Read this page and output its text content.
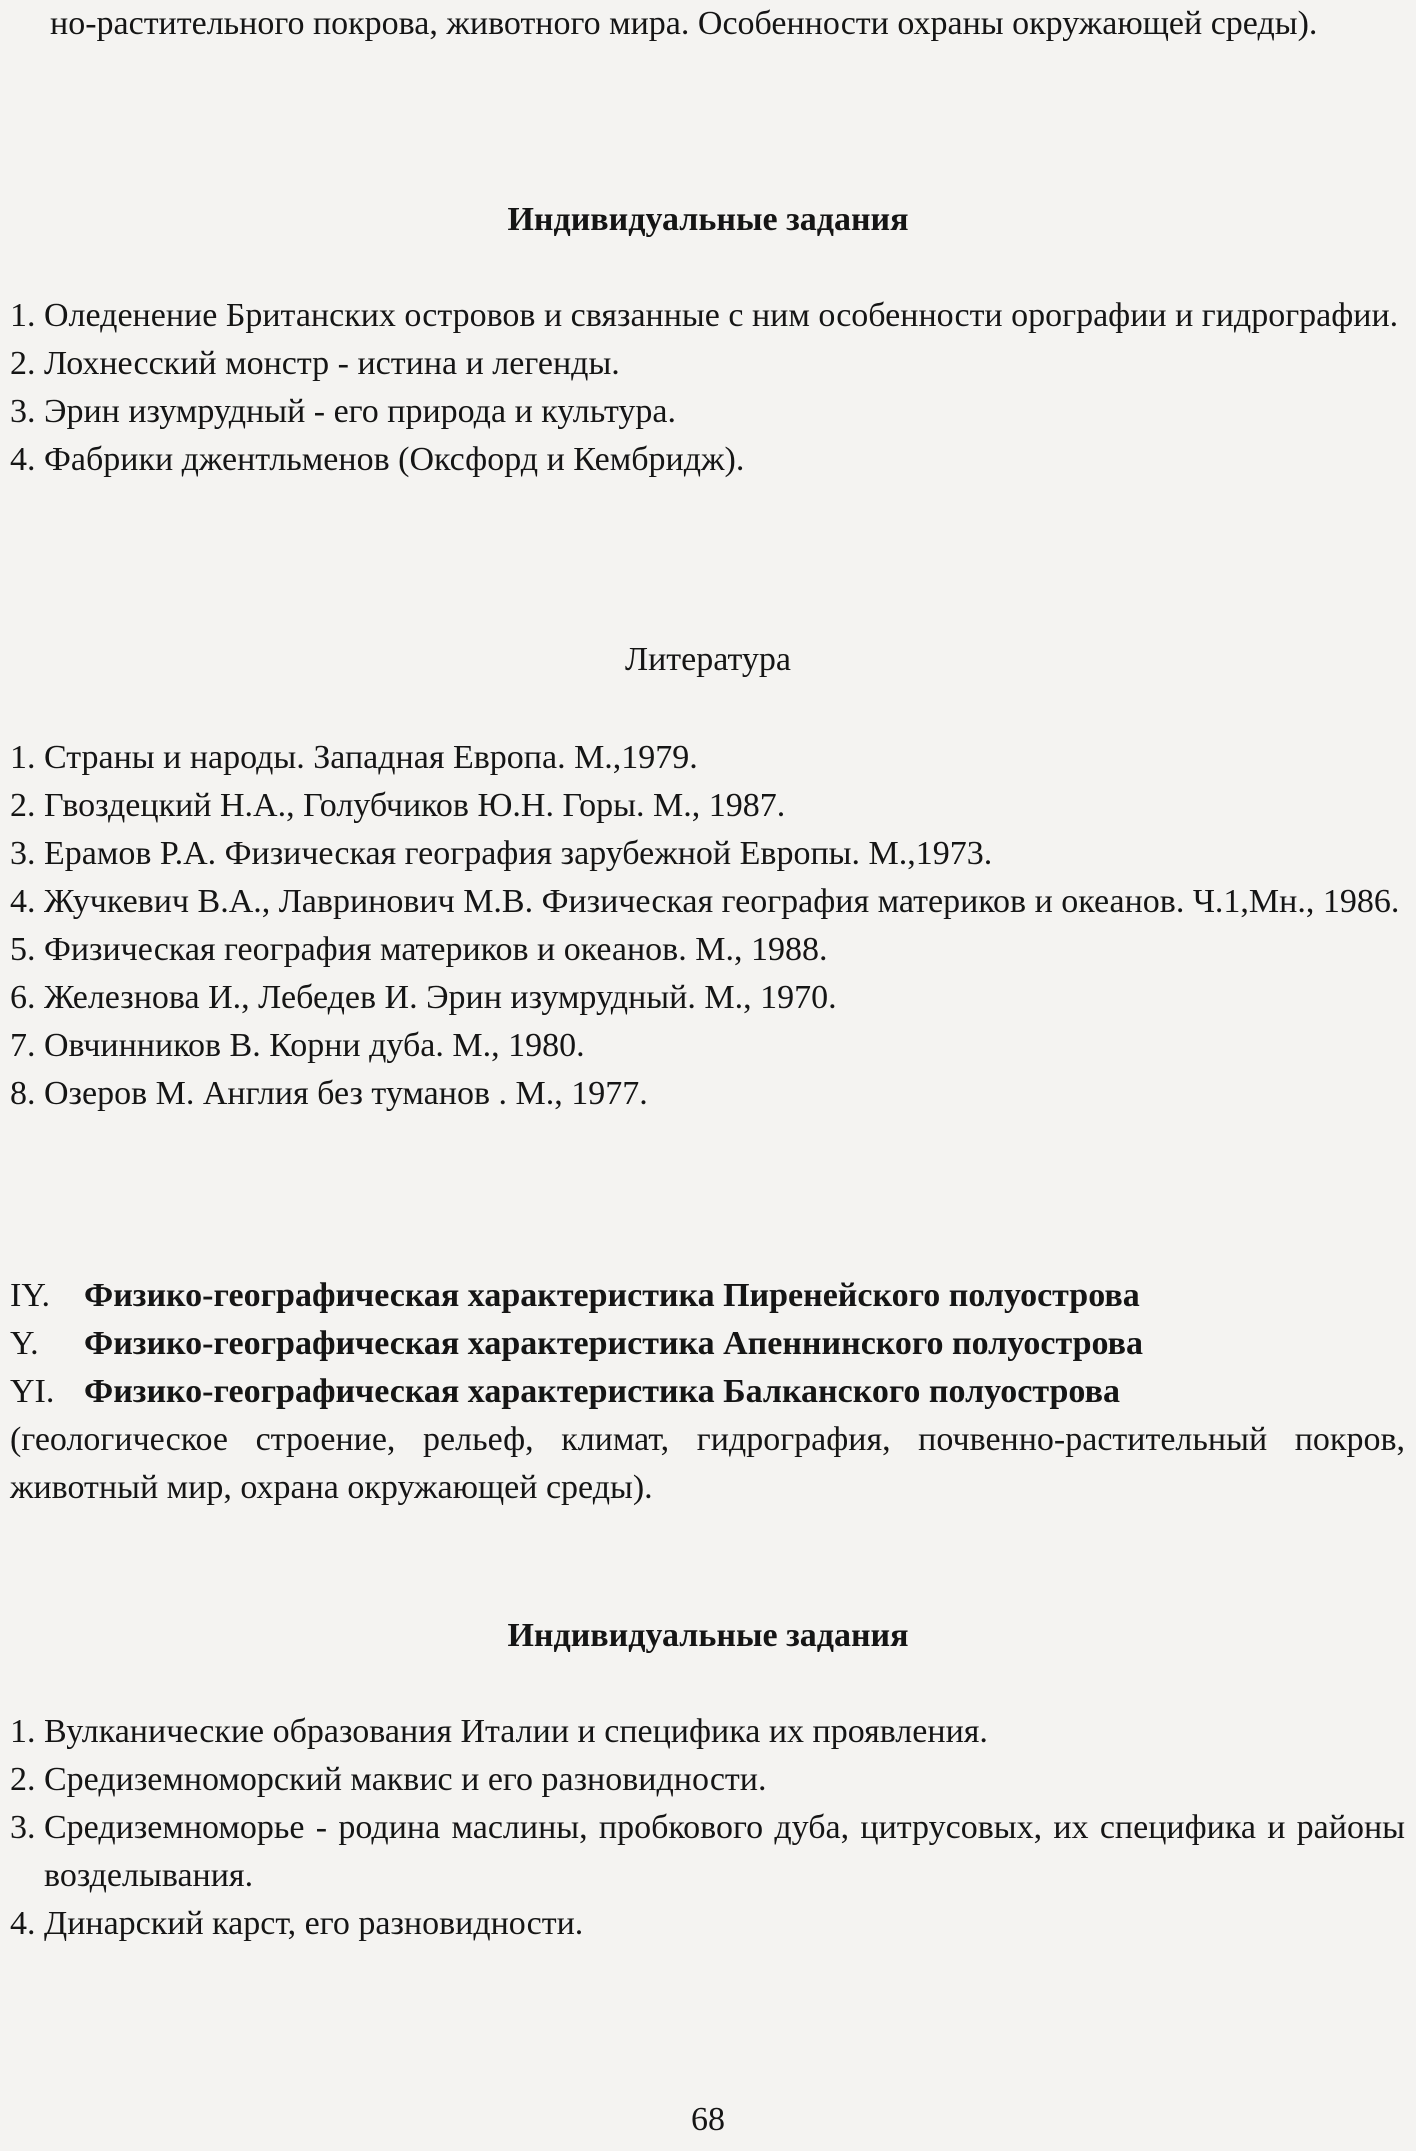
но-растительного покрова, животного мира. Особенности охраны окружающей среды).
Индивидуальные задания
1. Оледенение Британских островов и связанные с ним особенности орографии и гидрографии.
2. Лохнесский монстр - истина и легенды.
3. Эрин изумрудный - его природа и культура.
4. Фабрики джентльменов (Оксфорд и Кембридж).
Литература
1. Страны и народы. Западная Европа. М.,1979.
2. Гвоздецкий Н.А., Голубчиков Ю.Н. Горы. М., 1987.
3. Ерамов Р.А. Физическая география зарубежной Европы. М.,1973.
4. Жучкевич В.А., Лавринович М.В. Физическая география материков и океанов. Ч.1,Мн., 1986.
5. Физическая география материков и океанов. М., 1988.
6. Железнова И., Лебедев И. Эрин изумрудный. М., 1970.
7. Овчинников В. Корни дуба. М., 1980.
8. Озеров М. Англия без туманов . М., 1977.
IY.	Физико-географическая характеристика Пиренейского полуострова
Y.	Физико-географическая характеристика Апеннинского полуострова
YI. Физико-географическая характеристика Балканского полуострова
(геологическое строение, рельеф, климат, гидрография, почвенно-растительный покров, животный мир, охрана окружающей среды).
Индивидуальные задания
1. Вулканические образования Италии и специфика их проявления.
2. Средиземноморский маквис и его разновидности.
3. Средиземноморье - родина маслины, пробкового дуба, цитрусовых, их специфика и районы возделывания.
4. Динарский карст, его разновидности.
68
